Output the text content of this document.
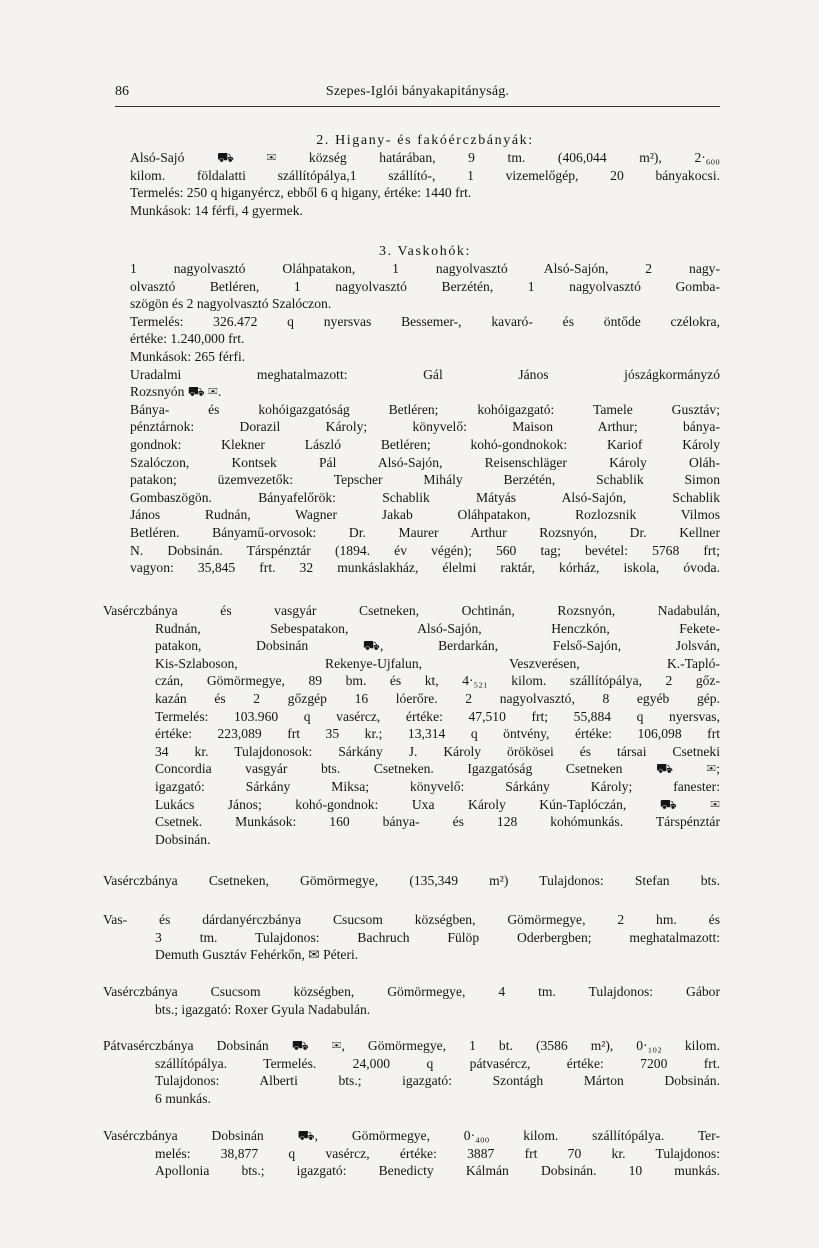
86	Szepes-Iglói bányakapitányság.
2. Higany- és fakóérczbányák:
Alsó-Sajó ⛟ ✉ község határában, 9 tm. (406,044 m²), 2·₆₀₀
kilom. földalatti szállítópálya,1 szállító-, 1 vizemelőgép, 20 bányakocsi.
Termelés: 250 q higanyércz, ebből 6 q higany, értéke: 1440 frt.
Munkások: 14 férfi, 4 gyermek.
3. Vaskohók:
1 nagyolvasztó Oláhpatakon, 1 nagyolvasztó Alsó-Sajón, 2 nagy-
olvasztó Betléren, 1 nagyolvasztó Berzétén, 1 nagyolvasztó Gomba-
szögön és 2 nagyolvasztó Szalóczon.
Termelés: 326.472 q nyersvas Bessemer-, kavaró- és öntőde czélokra,
értéke: 1.240,000 frt.
Munkások: 265 férfi.
Uradalmi meghatalmazott: Gál János jószágkormányzó
Rozsnyón ⛟ ✉.
Bánya- és kohóigazgatóság Betléren; kohóigazgató: Tamele Gusztáv;
pénztárnok: Dorazil Károly; könyvelő: Maison Arthur; bánya-
gondnok: Klekner László Betléren; kohó-gondnokok: Kariof Károly
Szalóczon, Kontsek Pál Alsó-Sajón, Reisenschläger Károly Oláh-
patakon; üzemvezetők: Tepscher Mihály Berzétén, Schablik Simon
Gombaszögön. Bányafelőrök: Schablik Mátyás Alsó-Sajón, Schablik
János Rudnán, Wagner Jakab Oláhpatakon, Rozlozsnik Vilmos
Betléren. Bányamű-orvosok: Dr. Maurer Arthur Rozsnyón, Dr. Kellner
N. Dobsinán. Társpénztár (1894. év végén); 560 tag; bevétel: 5768 frt;
vagyon: 35,845 frt. 32 munkáslakház, élelmi raktár, kórház, iskola, óvoda.
Vasérczbánya és vasgyár Csetneken, Ochtinán, Rozsnyón, Nadabulán,
Rudnán, Sebespatakon, Alsó-Sajón, Henczkón, Fekete-
patakon, Dobsinán ⛟, Berdarkán, Felső-Sajón, Jolsván,
Kis-Szlaboson, Rekenye-Ujfalun, Veszverésen, K.-Tapló-
czán, Gömörmegye, 89 bm. és kt, 4·₅₂₁ kilom. szállítópálya, 2 gőz-
kazán és 2 gőzgép 16 lóerőre. 2 nagyolvasztó, 8 egyéb gép.
Termelés: 103.960 q vasércz, értéke: 47,510 frt; 55,884 q nyersvas,
értéke: 223,089 frt 35 kr.; 13,314 q öntvény, értéke: 106,098 frt
34 kr. Tulajdonosok: Sárkány J. Károly örökösei és társai Csetneki
Concordia vasgyár bts. Csetneken. Igazgatóság Csetneken ⛟ ✉;
igazgató: Sárkány Miksa; könyvelő: Sárkány Károly; fanester:
Lukács János; kohó-gondnok: Uxa Károly Kún-Taplóczán, ⛟ ✉
Csetnek. Munkások: 160 bánya- és 128 kohómunkás. Társpénztár
Dobsinán.
Vasérczbánya Csetneken, Gömörmegye, (135,349 m²) Tulajdonos: Stefan bts.
Vas- és dárdanyérczbánya Csucsom községben, Gömörmegye, 2 hm. és
3 tm. Tulajdonos: Bachruch Fülöp Oderbergben; meghatalmazott:
Demuth Gusztáv Fehérkőn, ✉ Péteri.
Vasérczbánya Csucsom községben, Gömörmegye, 4 tm. Tulajdonos: Gábor
bts.; igazgató: Roxer Gyula Nadabulán.
Pátvasérczbánya Dobsinán ⛟ ✉, Gömörmegye, 1 bt. (3586 m²), 0·₁₀₂ kilom.
szállítópálya. Termelés. 24,000 q pátvasércz, értéke: 7200 frt.
Tulajdonos: Alberti bts.; igazgató: Szontágh Márton Dobsinán.
6 munkás.
Vasérczbánya Dobsinán ⛟, Gömörmegye, 0·₄₀₀ kilom. szállítópálya. Ter-
melés: 38,877 q vasércz, értéke: 3887 frt 70 kr. Tulajdonos:
Apollonia bts.; igazgató: Benedicty Kálmán Dobsinán. 10 munkás.
